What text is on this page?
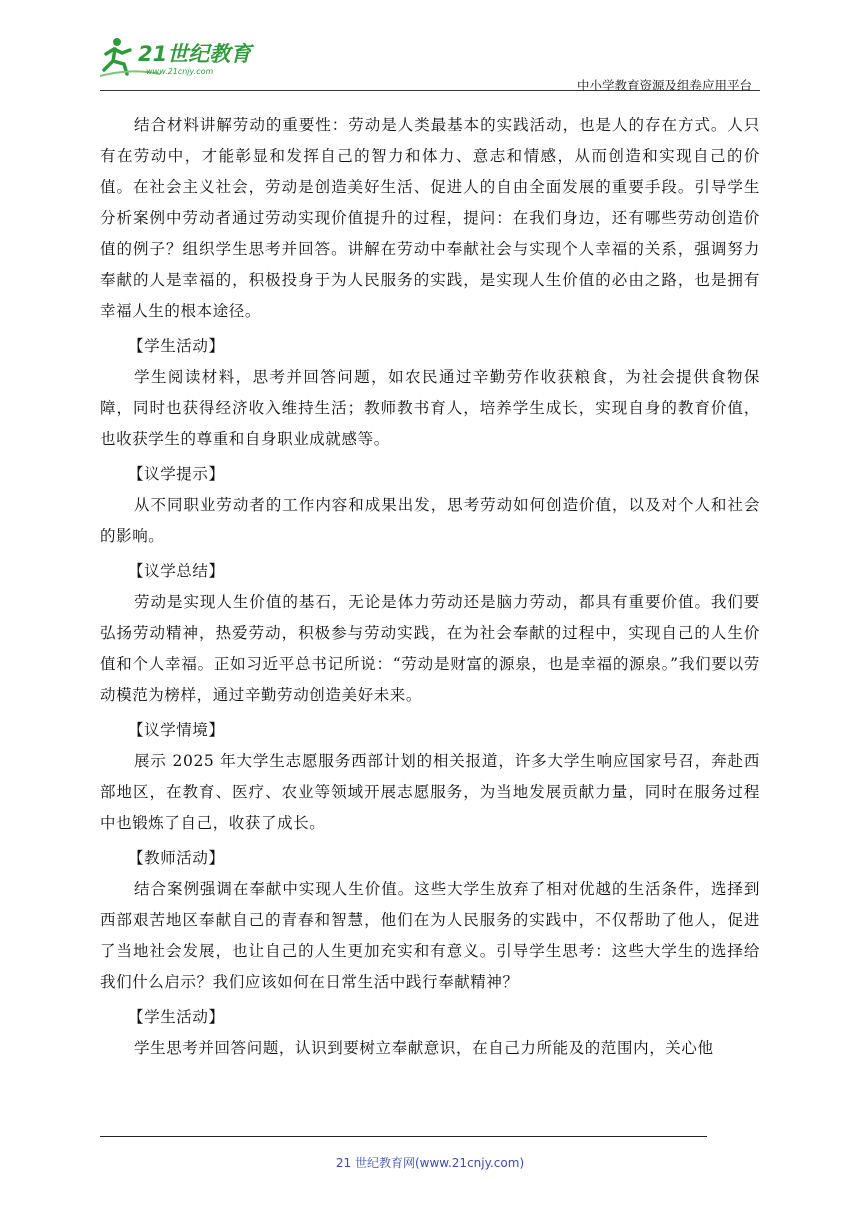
21世纪教育
www.21cnjy.com
中小学教育资源及组卷应用平台

结合材料讲解劳动的重要性：劳动是人类最基本的实践活动，也是人的存在方式。人只有在劳动中，才能彰显和发挥自己的智力和体力、意志和情感，从而创造和实现自己的价值。在社会主义社会，劳动是创造美好生活、促进人的自由全面发展的重要手段。引导学生分析案例中劳动者通过劳动实现价值提升的过程，提问：在我们身边，还有哪些劳动创造价值的例子？组织学生思考并回答。讲解在劳动中奉献社会与实现个人幸福的关系，强调努力奉献的人是幸福的，积极投身于为人民服务的实践，是实现人生价值的必由之路，也是拥有幸福人生的根本途径。

【学生活动】

学生阅读材料，思考并回答问题，如农民通过辛勤劳作收获粮食，为社会提供食物保障，同时也获得经济收入维持生活；教师教书育人，培养学生成长，实现自身的教育价值，也收获学生的尊重和自身职业成就感等。

【议学提示】

从不同职业劳动者的工作内容和成果出发，思考劳动如何创造价值，以及对个人和社会的影响。

【议学总结】

劳动是实现人生价值的基石，无论是体力劳动还是脑力劳动，都具有重要价值。我们要弘扬劳动精神，热爱劳动，积极参与劳动实践，在为社会奉献的过程中，实现自己的人生价值和个人幸福。正如习近平总书记所说：“劳动是财富的源泉，也是幸福的源泉。”我们要以劳动模范为榜样，通过辛勤劳动创造美好未来。

【议学情境】

展示 2025 年大学生志愿服务西部计划的相关报道，许多大学生响应国家号召，奔赴西部地区，在教育、医疗、农业等领域开展志愿服务，为当地发展贡献力量，同时在服务过程中也锻炼了自己，收获了成长。

【教师活动】

结合案例强调在奉献中实现人生价值。这些大学生放弃了相对优越的生活条件，选择到西部艰苦地区奉献自己的青春和智慧，他们在为人民服务的实践中，不仅帮助了他人，促进了当地社会发展，也让自己的人生更加充实和有意义。引导学生思考：这些大学生的选择给我们什么启示？我们应该如何在日常生活中践行奉献精神？

【学生活动】

学生思考并回答问题，认识到要树立奉献意识，在自己力所能及的范围内，关心他

21 世纪教育网(www.21cnjy.com)
